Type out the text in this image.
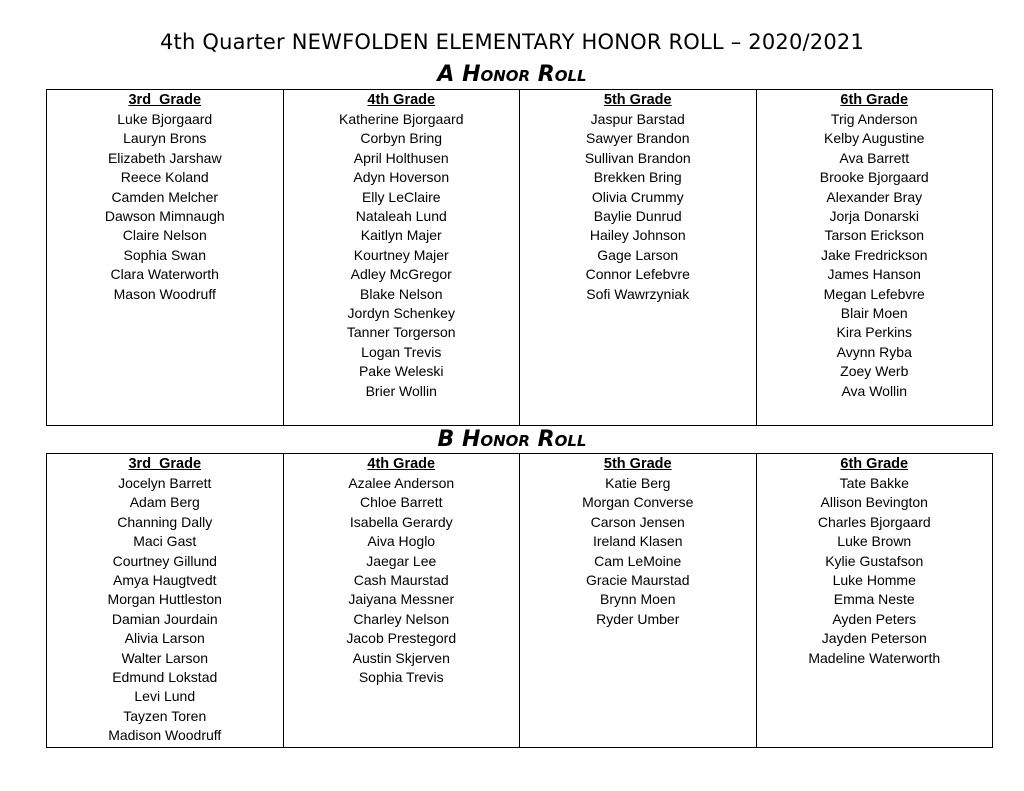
4th Quarter NEWFOLDEN ELEMENTARY HONOR ROLL – 2020/2021
A Honor Roll
3rd  Grade
Luke Bjorgaard
Lauryn Brons
Elizabeth Jarshaw
Reece Koland
Camden Melcher
Dawson Mimnaugh
Claire Nelson
Sophia Swan
Clara Waterworth
Mason Woodruff
4th Grade
Katherine Bjorgaard
Corbyn Bring
April Holthusen
Adyn Hoverson
Elly LeClaire
Nataleah Lund
Kaitlyn Majer
Kourtney Majer
Adley McGregor
Blake Nelson
Jordyn Schenkey
Tanner Torgerson
Logan Trevis
Pake Weleski
Brier Wollin
5th Grade
Jaspur Barstad
Sawyer Brandon
Sullivan Brandon
Brekken Bring
Olivia Crummy
Baylie Dunrud
Hailey Johnson
Gage Larson
Connor Lefebvre
Sofi Wawrzyniak
6th Grade
Trig Anderson
Kelby Augustine
Ava Barrett
Brooke Bjorgaard
Alexander Bray
Jorja Donarski
Tarson Erickson
Jake Fredrickson
James Hanson
Megan Lefebvre
Blair Moen
Kira Perkins
Avynn Ryba
Zoey Werb
Ava Wollin
B Honor Roll
3rd  Grade
Jocelyn Barrett
Adam Berg
Channing Dally
Maci Gast
Courtney Gillund
Amya Haugtvedt
Morgan Huttleston
Damian Jourdain
Alivia Larson
Walter Larson
Edmund Lokstad
Levi Lund
Tayzen Toren
Madison Woodruff
4th Grade
Azalee Anderson
Chloe Barrett
Isabella Gerardy
Aiva Hoglo
Jaegar Lee
Cash Maurstad
Jaiyana Messner
Charley Nelson
Jacob Prestegord
Austin Skjerven
Sophia Trevis
5th Grade
Katie Berg
Morgan Converse
Carson Jensen
Ireland Klasen
Cam LeMoine
Gracie Maurstad
Brynn Moen
Ryder Umber
6th Grade
Tate Bakke
Allison Bevington
Charles Bjorgaard
Luke Brown
Kylie Gustafson
Luke Homme
Emma Neste
Ayden Peters
Jayden Peterson
Madeline Waterworth
